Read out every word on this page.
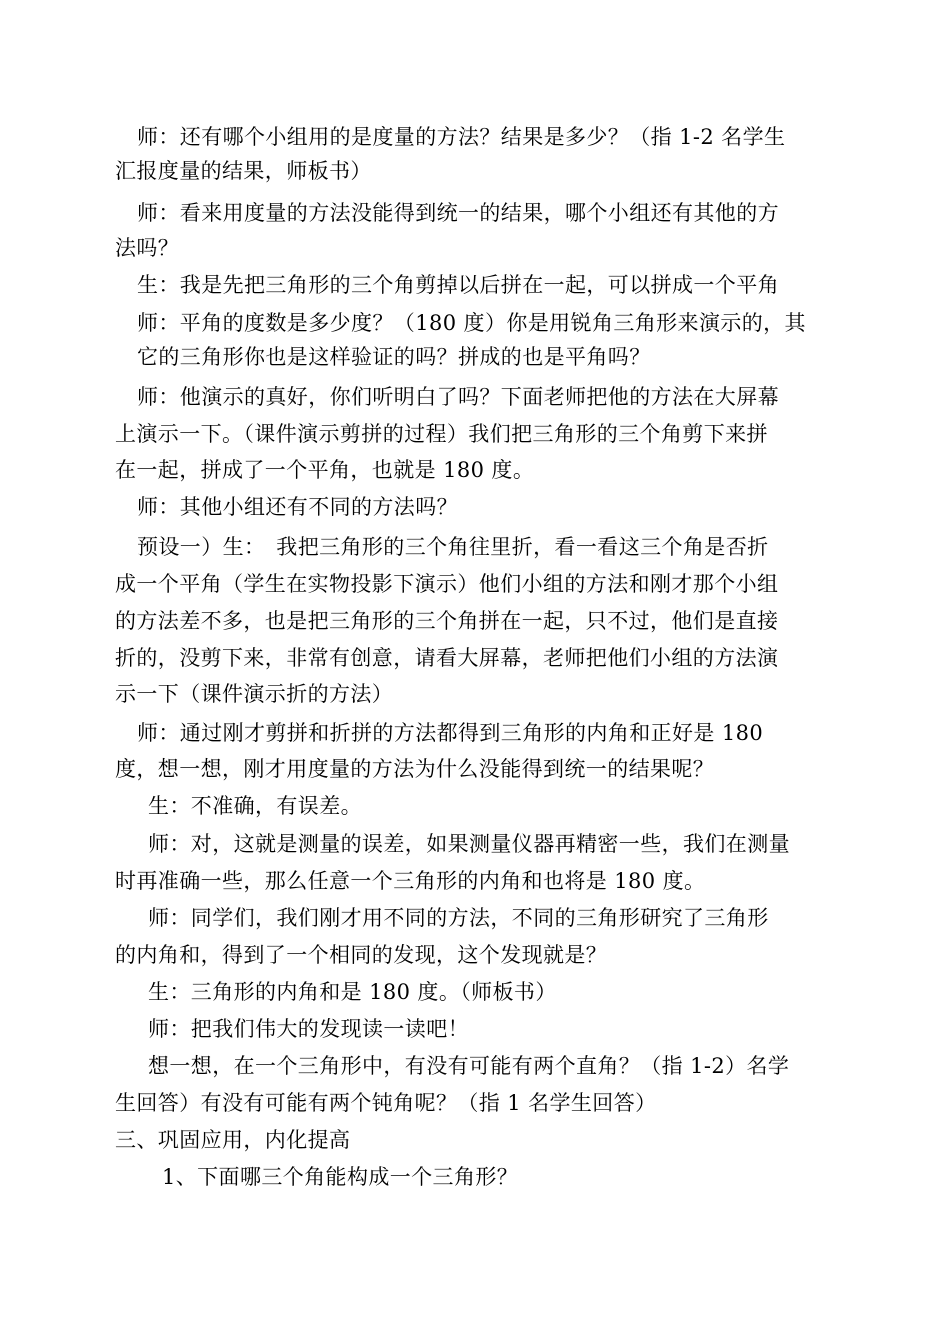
师：还有哪个小组用的是度量的方法？结果是多少？（指 1-2 名学生
汇报度量的结果，师板书）
师：看来用度量的方法没能得到统一的结果，哪个小组还有其他的方
法吗？
生：我是先把三角形的三个角剪掉以后拼在一起，可以拼成一个平角
师：平角的度数是多少度？（180 度）你是用锐角三角形来演示的，其
它的三角形你也是这样验证的吗？拼成的也是平角吗？
师：他演示的真好，你们听明白了吗？下面老师把他的方法在大屏幕
上演示一下。（课件演示剪拼的过程）我们把三角形的三个角剪下来拼
在一起，拼成了一个平角，也就是 180 度。
师：其他小组还有不同的方法吗？
预设一）生：　我把三角形的三个角往里折，看一看这三个角是否折
成一个平角（学生在实物投影下演示）他们小组的方法和刚才那个小组
的方法差不多，也是把三角形的三个角拼在一起，只不过，他们是直接
折的，没剪下来，非常有创意，请看大屏幕，老师把他们小组的方法演
示一下（课件演示折的方法）
师：通过刚才剪拼和折拼的方法都得到三角形的内角和正好是 180
度，想一想，刚才用度量的方法为什么没能得到统一的结果呢？
生：不准确，有误差。
师：对，这就是测量的误差，如果测量仪器再精密一些，我们在测量
时再准确一些，那么任意一个三角形的内角和也将是 180 度。
师：同学们，我们刚才用不同的方法，不同的三角形研究了三角形
的内角和，得到了一个相同的发现，这个发现就是？
生：三角形的内角和是 180 度。（师板书）
师：把我们伟大的发现读一读吧！
想一想，在一个三角形中，有没有可能有两个直角？（指 1-2）名学
生回答）有没有可能有两个钝角呢？（指 1 名学生回答）
三、巩固应用，内化提高
1、下面哪三个角能构成一个三角形？
